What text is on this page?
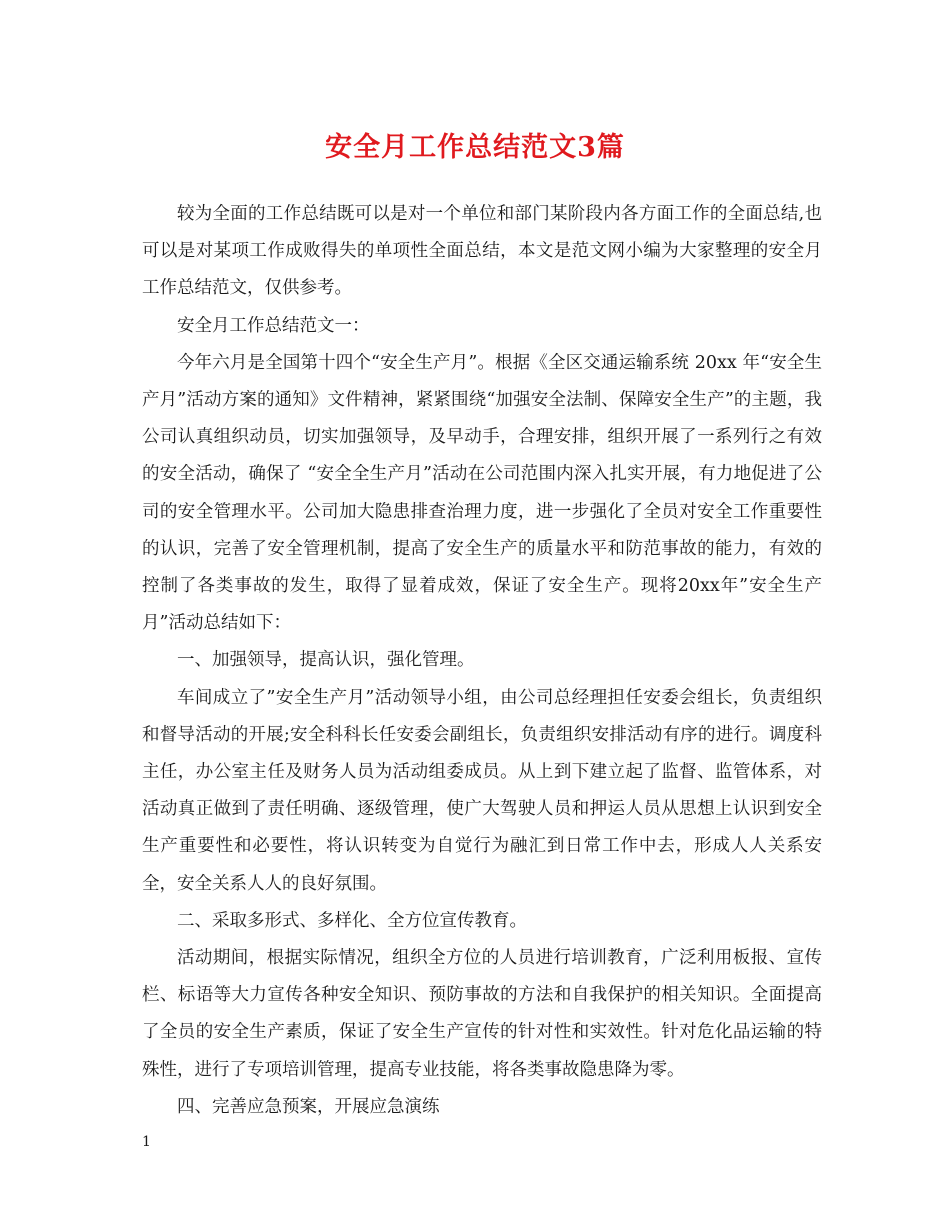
安全月工作总结范文3篇

较为全面的工作总结既可以是对一个单位和部门某阶段内各方面工作的全面总结,也可以是对某项工作成败得失的单项性全面总结，本文是范文网小编为大家整理的安全月工作总结范文，仅供参考。

安全月工作总结范文一：

今年六月是全国第十四个“安全生产月”。根据《全区交通运输系统 20xx 年“安全生产月”活动方案的通知》文件精神，紧紧围绕“加强安全法制、保障安全生产”的主题，我公司认真组织动员，切实加强领导，及早动手，合理安排，组织开展了一系列行之有效的安全活动，确保了 “安全全生产月”活动在公司范围内深入扎实开展，有力地促进了公司的安全管理水平。公司加大隐患排查治理力度，进一步强化了全员对安全工作重要性的认识，完善了安全管理机制，提高了安全生产的质量水平和防范事故的能力，有效的控制了各类事故的发生，取得了显着成效，保证了安全生产。现将20xx年”安全生产月”活动总结如下：

一、加强领导，提高认识，强化管理。

车间成立了”安全生产月”活动领导小组，由公司总经理担任安委会组长，负责组织和督导活动的开展;安全科科长任安委会副组长，负责组织安排活动有序的进行。调度科主任，办公室主任及财务人员为活动组委成员。从上到下建立起了监督、监管体系，对活动真正做到了责任明确、逐级管理，使广大驾驶人员和押运人员从思想上认识到安全生产重要性和必要性，将认识转变为自觉行为融汇到日常工作中去，形成人人关系安全，安全关系人人的良好氛围。

二、采取多形式、多样化、全方位宣传教育。

活动期间，根据实际情况，组织全方位的人员进行培训教育，广泛利用板报、宣传栏、标语等大力宣传各种安全知识、预防事故的方法和自我保护的相关知识。全面提高了全员的安全生产素质，保证了安全生产宣传的针对性和实效性。针对危化品运输的特殊性，进行了专项培训管理，提高专业技能，将各类事故隐患降为零。

四、完善应急预案，开展应急演练

1
